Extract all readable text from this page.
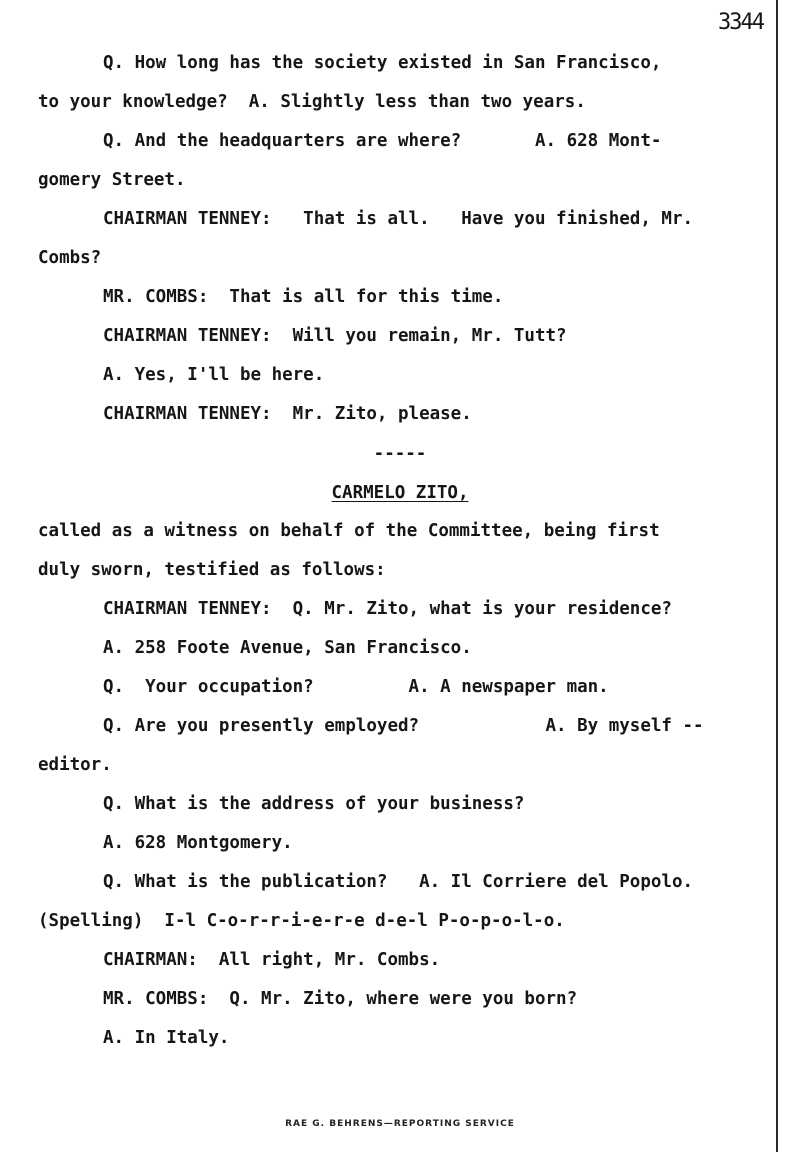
3344
Q. How long has the society existed in San Francisco,
to your knowledge?  A. Slightly less than two years.
Q. And the headquarters are where?       A. 628 Mont-
gomery Street.
CHAIRMAN TENNEY:   That is all.   Have you finished, Mr.
Combs?
MR. COMBS:  That is all for this time.
CHAIRMAN TENNEY:  Will you remain, Mr. Tutt?
A. Yes, I'll be here.
CHAIRMAN TENNEY:  Mr. Zito, please.
-----
CARMELO ZITO,
called as a witness on behalf of the Committee, being first
duly sworn, testified as follows:
CHAIRMAN TENNEY:  Q. Mr. Zito, what is your residence?
A. 258 Foote Avenue, San Francisco.
Q.  Your occupation?         A. A newspaper man.
Q. Are you presently employed?            A. By myself --
editor.
Q. What is the address of your business?
A. 628 Montgomery.
Q. What is the publication?   A. Il Corriere del Popolo.
(Spelling)  I-l C-o-r-r-i-e-r-e d-e-l P-o-p-o-l-o.
CHAIRMAN:  All right, Mr. Combs.
MR. COMBS:  Q. Mr. Zito, where were you born?
A. In Italy.
RAE G. BEHRENS—REPORTING SERVICE
